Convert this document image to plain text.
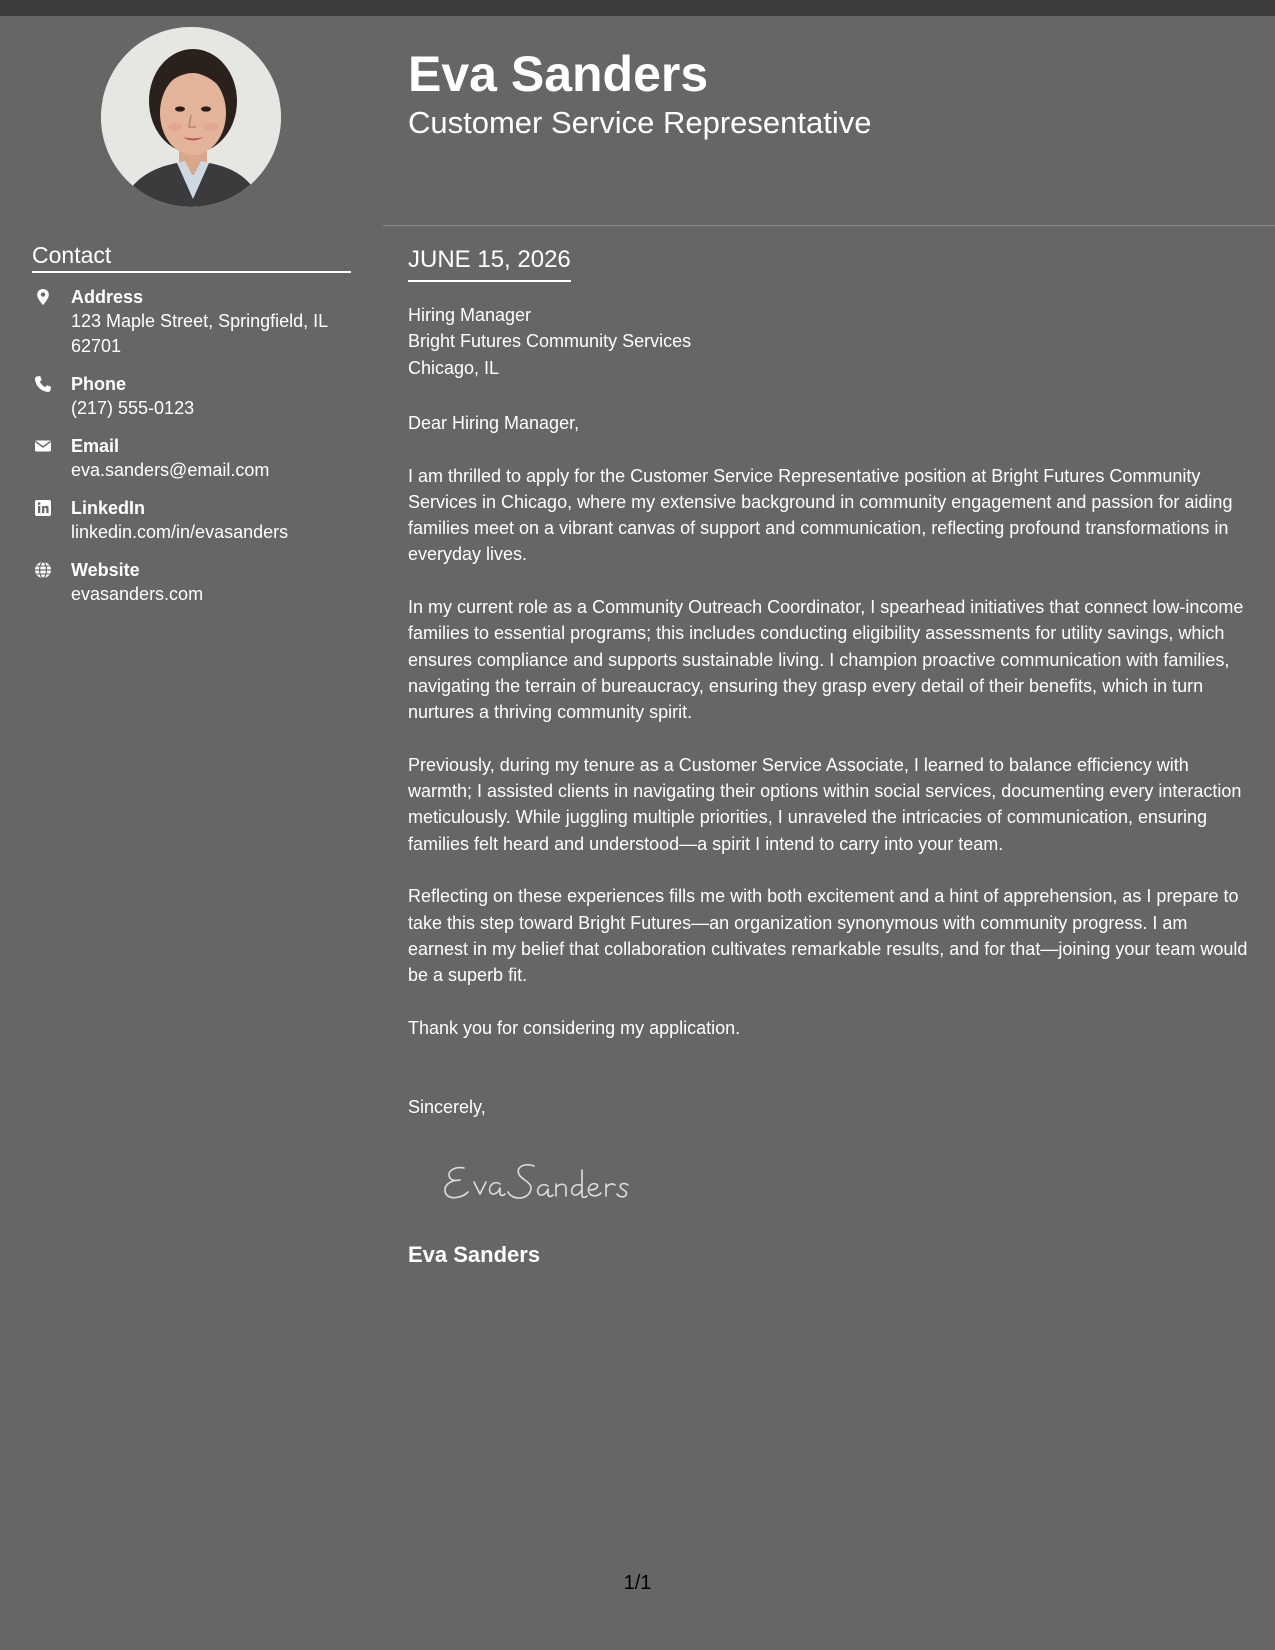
Eva Sanders
Customer Service Representative
Contact
Address
123 Maple Street, Springfield, IL 62701
Phone
(217) 555-0123
Email
eva.sanders@email.com
LinkedIn
linkedin.com/in/evasanders
Website
evasanders.com
JUNE 15, 2026
Hiring Manager
Bright Futures Community Services
Chicago, IL

Dear Hiring Manager,

I am thrilled to apply for the Customer Service Representative position at Bright Futures Community Services in Chicago, where my extensive background in community engagement and passion for aiding families meet on a vibrant canvas of support and communication, reflecting profound transformations in everyday lives.

In my current role as a Community Outreach Coordinator, I spearhead initiatives that connect low-income families to essential programs; this includes conducting eligibility assessments for utility savings, which ensures compliance and supports sustainable living. I champion proactive communication with families, navigating the terrain of bureaucracy, ensuring they grasp every detail of their benefits, which in turn nurtures a thriving community spirit.

Previously, during my tenure as a Customer Service Associate, I learned to balance efficiency with warmth; I assisted clients in navigating their options within social services, documenting every interaction meticulously. While juggling multiple priorities, I unraveled the intricacies of communication, ensuring families felt heard and understood—a spirit I intend to carry into your team.

Reflecting on these experiences fills me with both excitement and a hint of apprehension, as I prepare to take this step toward Bright Futures—an organization synonymous with community progress. I am earnest in my belief that collaboration cultivates remarkable results, and for that—joining your team would be a superb fit.

Thank you for considering my application.

Sincerely,

Eva Sanders
1/1
